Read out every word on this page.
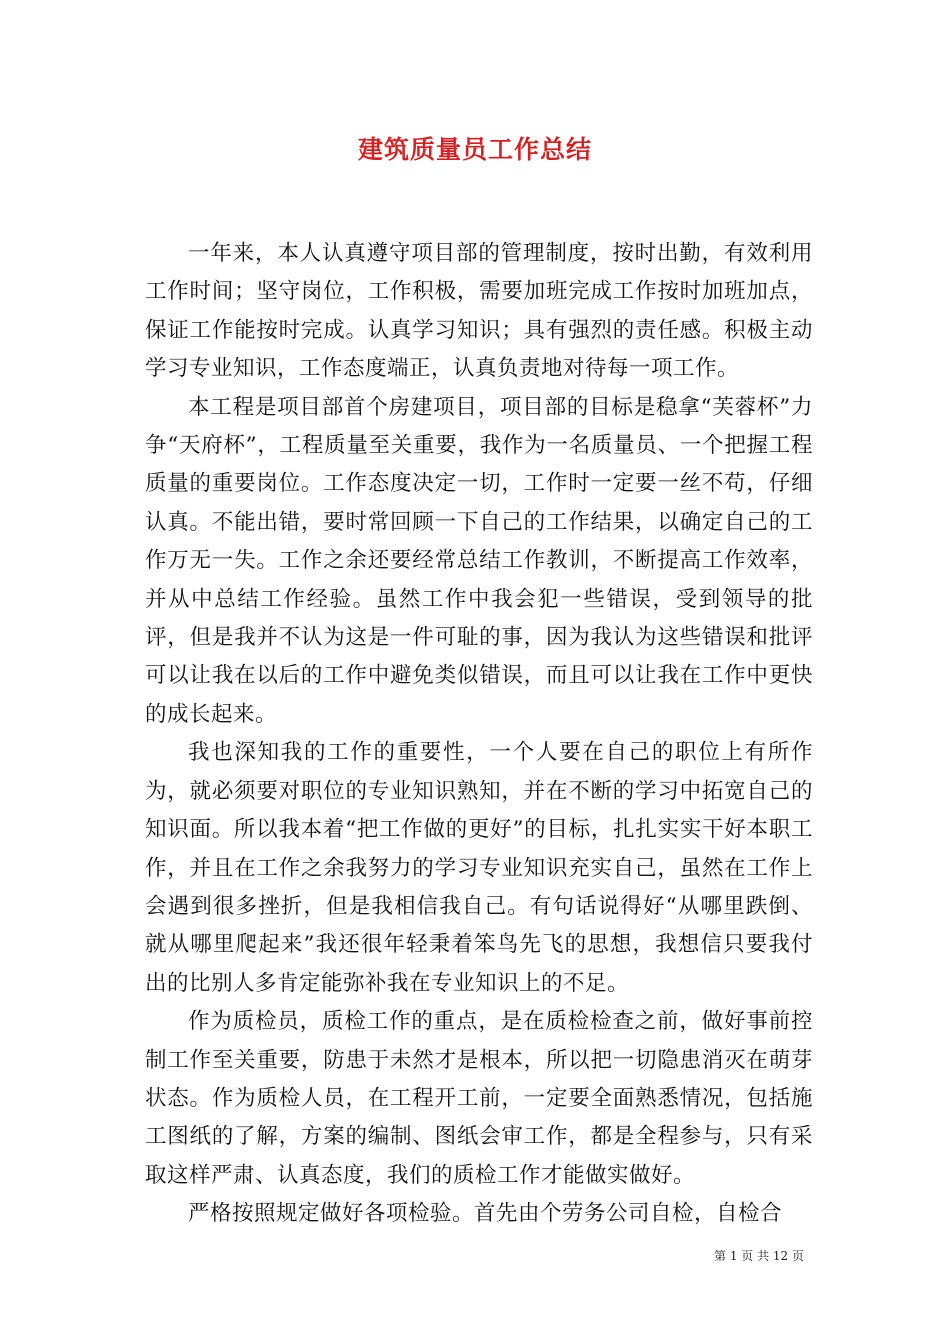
建筑质量员工作总结

一年来，本人认真遵守项目部的管理制度，按时出勤，有效利用工作时间；坚守岗位，工作积极，需要加班完成工作按时加班加点，保证工作能按时完成。认真学习知识；具有强烈的责任感。积极主动学习专业知识，工作态度端正，认真负责地对待每一项工作。

本工程是项目部首个房建项目，项目部的目标是稳拿“芙蓉杯”力争“天府杯”，工程质量至关重要，我作为一名质量员、一个把握工程质量的重要岗位。工作态度决定一切，工作时一定要一丝不苟，仔细认真。不能出错，要时常回顾一下自己的工作结果，以确定自己的工作万无一失。工作之余还要经常总结工作教训，不断提高工作效率，并从中总结工作经验。虽然工作中我会犯一些错误，受到领导的批评，但是我并不认为这是一件可耻的事，因为我认为这些错误和批评可以让我在以后的工作中避免类似错误，而且可以让我在工作中更快的成长起来。

我也深知我的工作的重要性，一个人要在自己的职位上有所作为，就必须要对职位的专业知识熟知，并在不断的学习中拓宽自己的知识面。所以我本着“把工作做的更好”的目标，扎扎实实干好本职工作，并且在工作之余我努力的学习专业知识充实自己，虽然在工作上会遇到很多挫折，但是我相信我自己。有句话说得好“从哪里跌倒、就从哪里爬起来”我还很年轻秉着笨鸟先飞的思想，我想信只要我付出的比别人多肯定能弥补我在专业知识上的不足。

作为质检员，质检工作的重点，是在质检检查之前，做好事前控制工作至关重要，防患于未然才是根本，所以把一切隐患消灭在萌芽状态。作为质检人员，在工程开工前，一定要全面熟悉情况，包括施工图纸的了解，方案的编制、图纸会审工作，都是全程参与，只有采取这样严肃、认真态度，我们的质检工作才能做实做好。

严格按照规定做好各项检验。首先由个劳务公司自检，自检合

第 1 页 共 12 页
